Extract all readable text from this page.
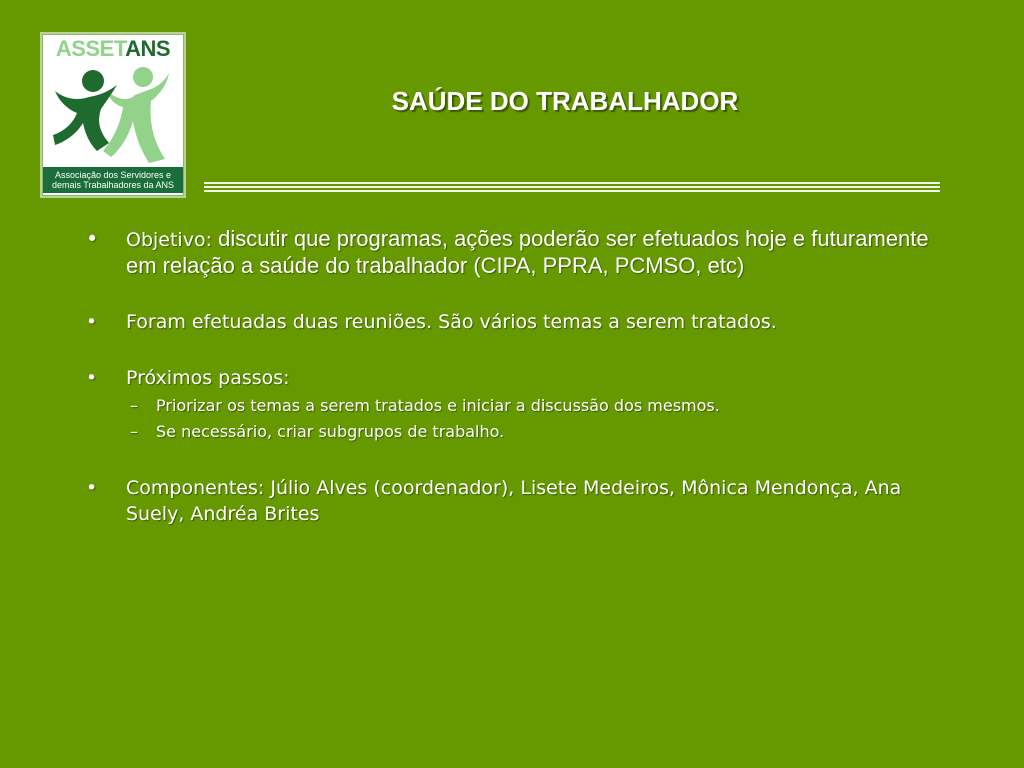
ASSETANS
Associação dos Servidores e
demais Trabalhadores da ANS
SAÚDE DO TRABALHADOR
• Objetivo: discutir que programas, ações poderão ser efetuados hoje e futuramente em relação a saúde do trabalhador (CIPA, PPRA, PCMSO, etc)
• Foram efetuadas duas reuniões. São vários temas a serem tratados.
• Próximos passos:
– Priorizar os temas a serem tratados e iniciar a discussão dos mesmos.
– Se necessário, criar subgrupos de trabalho.
• Componentes: Júlio Alves (coordenador), Lisete Medeiros, Mônica Mendonça, Ana Suely, Andréa Brites
